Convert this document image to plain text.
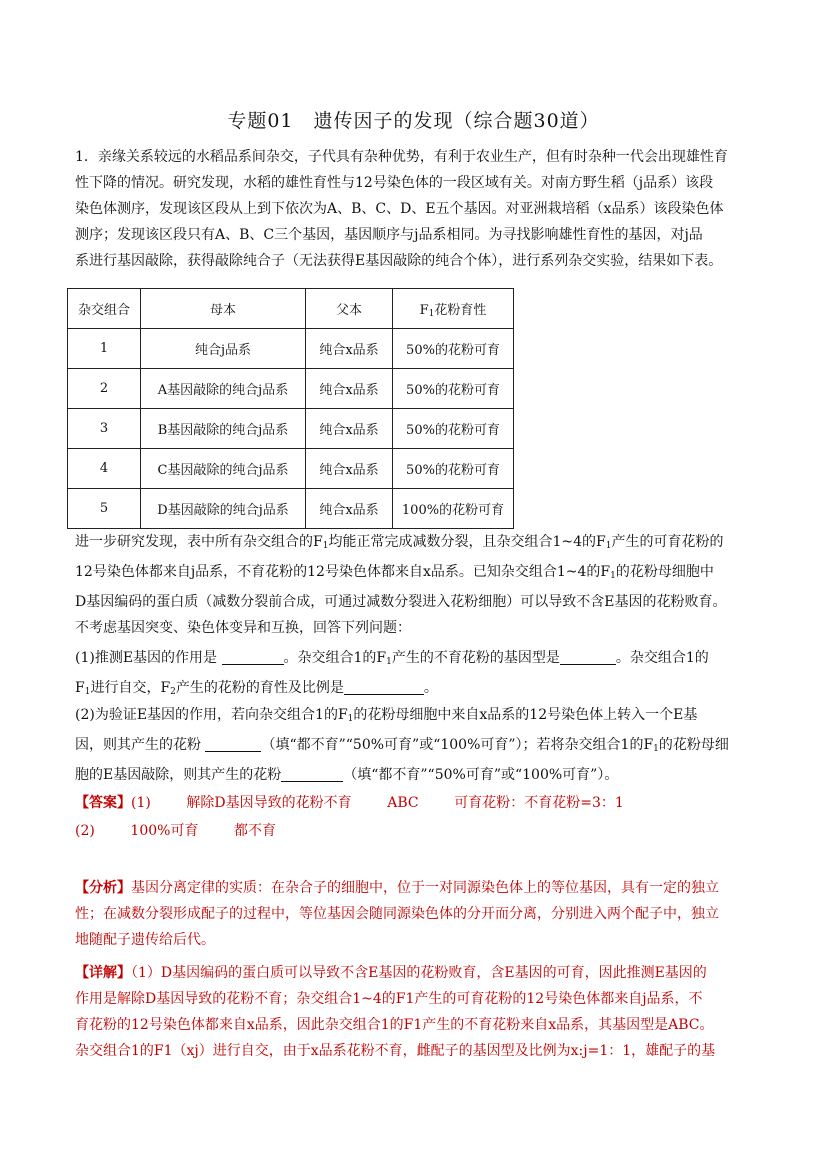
专题01　遗传因子的发现（综合题30道）
1．亲缘关系较远的水稻品系间杂交，子代具有杂种优势，有利于农业生产，但有时杂种一代会出现雄性育
性下降的情况。研究发现，水稻的雄性育性与12号染色体的一段区域有关。对南方野生稻（j品系）该段
染色体测序，发现该区段从上到下依次为A、B、C、D、E五个基因。对亚洲栽培稻（x品系）该段染色体
测序；发现该区段只有A、B、C三个基因，基因顺序与j品系相同。为寻找影响雄性育性的基因，对j品
系进行基因敲除，获得敲除纯合子（无法获得E基因敲除的纯合个体），进行系列杂交实验，结果如下表。
杂交组合	母本	父本	$F_1$花粉育性
1	纯合j品系	纯合x品系	50%的花粉可育
2	A基因敲除的纯合j品系	纯合x品系	50%的花粉可育
3	B基因敲除的纯合j品系	纯合x品系	50%的花粉可育
4	C基因敲除的纯合j品系	纯合x品系	50%的花粉可育
5	D基因敲除的纯合j品系	纯合x品系	100%的花粉可育
进一步研究发现，表中所有杂交组合的$F_1$均能正常完成减数分裂，且杂交组合1~4的$F_1$产生的可育花粉的
12号染色体都来自j品系，不育花粉的12号染色体都来自x品系。已知杂交组合1~4的$F_1$的花粉母细胞中
D基因编码的蛋白质（减数分裂前合成，可通过减数分裂进入花粉细胞）可以导致不含E基因的花粉败育。
不考虑基因突变、染色体变异和互换，回答下列问题：
(1)推测E基因的作用是	。杂交组合1的$F_1$产生的不育花粉的基因型是	。杂交组合1的
$F_1$进行自交，$F_2$产生的花粉的育性及比例是	。
(2)为验证E基因的作用，若向杂交组合1的$F_1$的花粉母细胞中来自x品系的12号染色体上转入一个E基
因，则其产生的花粉	（填“都不育”“50%可育”或“100%可育”）；若将杂交组合1的$F_1$的花粉母细
胞的E基因敲除，则其产生的花粉	（填“都不育”“50%可育”或“100%可育”）。
【答案】(1)        解除D基因导致的花粉不育        ABC        可育花粉：不育花粉=3：1
(2)        100%可育        都不育
【分析】基因分离定律的实质：在杂合子的细胞中，位于一对同源染色体上的等位基因，具有一定的独立
性；在减数分裂形成配子的过程中，等位基因会随同源染色体的分开而分离，分别进入两个配子中，独立
地随配子遗传给后代。
【详解】（1）D基因编码的蛋白质可以导致不含E基因的花粉败育，含E基因的可育，因此推测E基因的
作用是解除D基因导致的花粉不育；杂交组合1~4的F1产生的可育花粉的12号染色体都来自j品系，不
育花粉的12号染色体都来自x品系，因此杂交组合1的F1产生的不育花粉来自x品系，其基因型是ABC。
杂交组合1的F1（xj）进行自交，由于x品系花粉不育，雌配子的基因型及比例为x:j=1：1，雄配子的基
